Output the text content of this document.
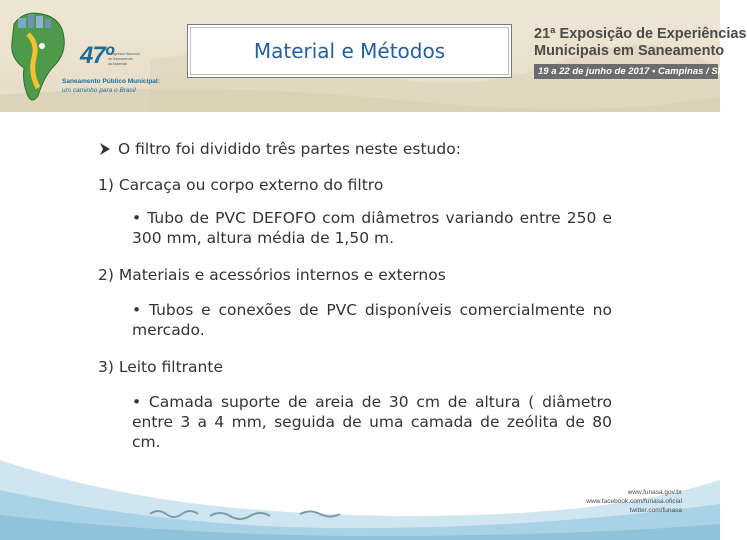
47º
Congresso Nacional
de Saneamento
da Assemae
Saneamento Público Municipal:
um caminho para o Brasil
Material e Métodos
21ª Exposição de Experiências
Municipais em Saneamento
19 a 22 de junho de 2017 • Campinas / SP
O filtro foi dividido três partes neste estudo:
1) Carcaça ou corpo externo do filtro
• Tubo de PVC DEFOFO com diâmetros variando entre 250 e 300 mm, altura média de 1,50 m.
2) Materiais e acessórios internos e externos
• Tubos e conexões de PVC disponíveis comercialmente no mercado.
3) Leito filtrante
• Camada suporte de areia de 30 cm de altura ( diâmetro entre 3 a 4 mm, seguida de uma camada de zeólita de 80 cm.
www.funasa.gov.br
www.facebook.com/funasa.oficial
twitter.com/funasa
